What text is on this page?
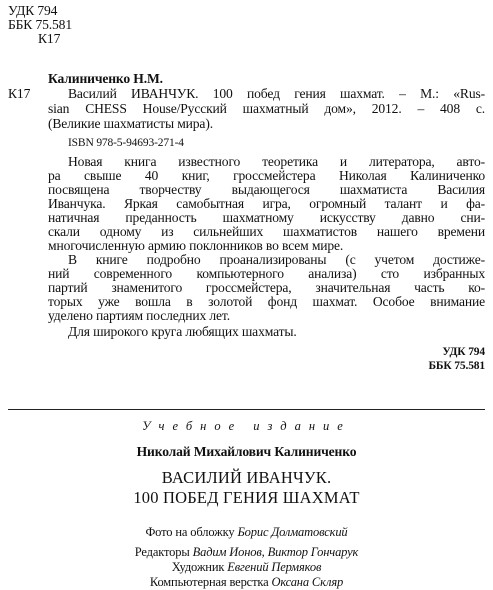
УДК 794
ББК 75.581
К17
Калиниченко Н.М.
К17	Василий ИВАНЧУК. 100 побед гения шахмат. – М.: «Rus-
sian CHESS House/Русский шахматный дом», 2012. – 408 с.
(Великие шахматисты мира).
ISBN 978-5-94693-271-4
Новая книга известного теоретика и литератора, авто-
ра свыше 40 книг, гроссмейстера Николая Калиниченко
посвящена творчеству выдающегося шахматиста Василия
Иванчука. Яркая самобытная игра, огромный талант и фа-
натичная преданность шахматному искусству давно сни-
скали одному из сильнейших шахматистов нашего времени
многочисленную армию поклонников во всем мире.
В книге подробно проанализированы (с учетом достиже-
ний современного компьютерного анализа) сто избранных
партий знаменитого гроссмейстера, значительная часть ко-
торых уже вошла в золотой фонд шахмат. Особое внимание
уделено партиям последних лет.
Для широкого круга любящих шахматы.
УДК 794
ББК 75.581
Учебное издание
Николай Михайлович Калиниченко
ВАСИЛИЙ ИВАНЧУК.
100 ПОБЕД ГЕНИЯ ШАХМАТ
Фото на обложку Борис Долматовский
Редакторы Вадим Ионов, Виктор Гончарук
Художник Евгений Пермяков
Компьютерная верстка Оксана Скляр
